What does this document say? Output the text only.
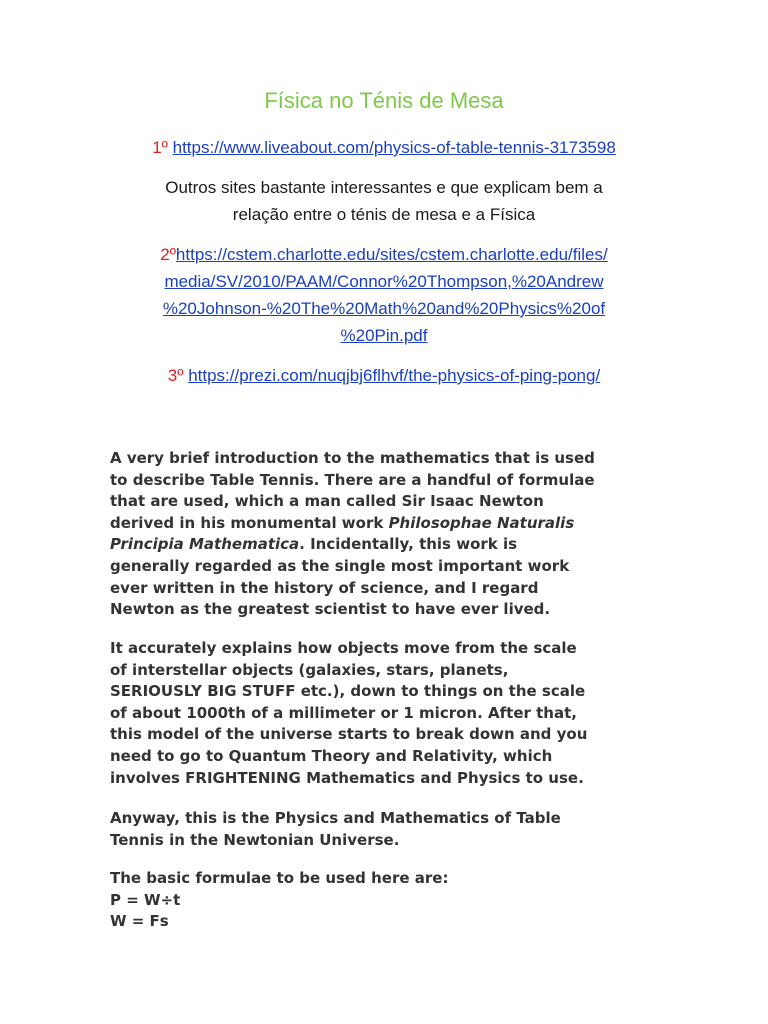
Física no Ténis de Mesa
1º https://www.liveabout.com/physics-of-table-tennis-3173598
Outros sites bastante interessantes e que explicam bem a
relação entre o ténis de mesa e a Física
2ºhttps://cstem.charlotte.edu/sites/cstem.charlotte.edu/files/
media/SV/2010/PAAM/Connor%20Thompson,%20Andrew
%20Johnson-%20The%20Math%20and%20Physics%20of
%20Pin.pdf
3º https://prezi.com/nuqjbj6flhvf/the-physics-of-ping-pong/
A very brief introduction to the mathematics that is used
to describe Table Tennis. There are a handful of formulae
that are used, which a man called Sir Isaac Newton
derived in his monumental work Philosophae Naturalis
Principia Mathematica. Incidentally, this work is
generally regarded as the single most important work
ever written in the history of science, and I regard
Newton as the greatest scientist to have ever lived.
It accurately explains how objects move from the scale
of interstellar objects (galaxies, stars, planets,
SERIOUSLY BIG STUFF etc.), down to things on the scale
of about 1000th of a millimeter or 1 micron. After that,
this model of the universe starts to break down and you
need to go to Quantum Theory and Relativity, which
involves FRIGHTENING Mathematics and Physics to use.
Anyway, this is the Physics and Mathematics of Table
Tennis in the Newtonian Universe.
The basic formulae to be used here are:
P = W÷t
W = Fs
